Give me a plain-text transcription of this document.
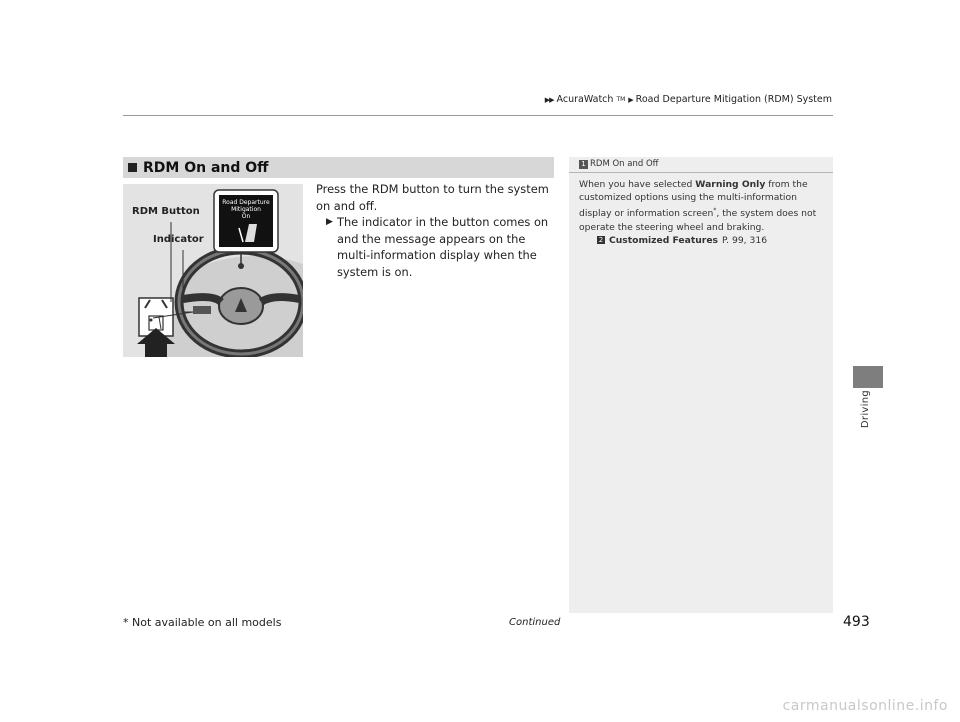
▶▶ AcuraWatch TM ▶ Road Departure Mitigation (RDM) System
RDM On and Off
Road Departure
Mitigation
On
RDM Button
Indicator
Press the RDM button to turn the system on and off.
▶ The indicator in the button comes on and the message appears on the multi-information display when the system is on.
1 RDM On and Off
When you have selected Warning Only from the customized options using the multi-information display or information screen*, the system does not operate the steering wheel and braking.
2 Customized Features P. 99, 316
Driving
* Not available on all models	Continued	493
carmanualsonline.info
